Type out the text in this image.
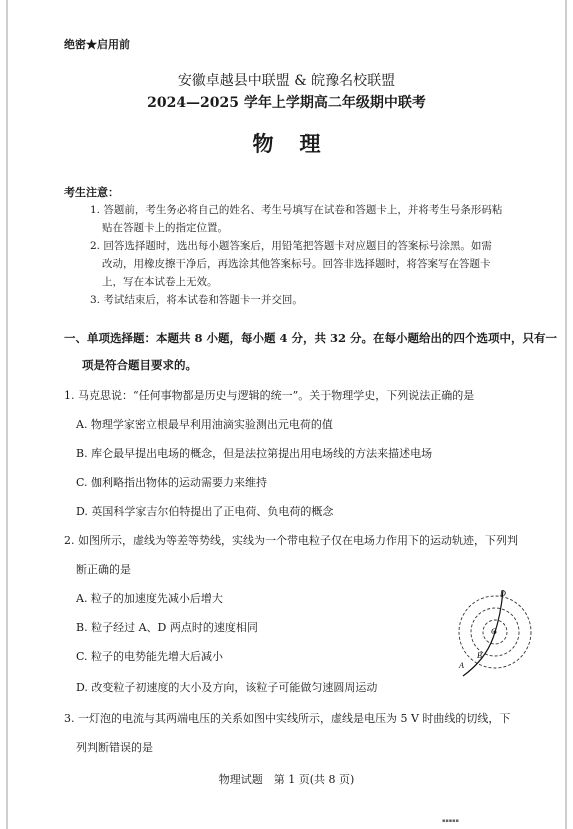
绝密★启用前
安徽卓越县中联盟 & 皖豫名校联盟
2024—2025 学年上学期高二年级期中联考
物理
考生注意：
1. 答题前，考生务必将自己的姓名、考生号填写在试卷和答题卡上，并将考生号条形码粘
贴在答题卡上的指定位置。
2. 回答选择题时，选出每小题答案后，用铅笔把答题卡对应题目的答案标号涂黑。如需
改动，用橡皮擦干净后，再选涂其他答案标号。回答非选择题时，将答案写在答题卡
上，写在本试卷上无效。
3. 考试结束后，将本试卷和答题卡一并交回。
一、单项选择题：本题共 8 小题，每小题 4 分，共 32 分。在每小题给出的四个选项中，只有一
项是符合题目要求的。
1. 马克思说：“任何事物都是历史与逻辑的统一”。关于物理学史，下列说法正确的是
A. 物理学家密立根最早利用油滴实验测出元电荷的值
B. 库仑最早提出电场的概念，但是法拉第提出用电场线的方法来描述电场
C. 伽利略指出物体的运动需要力来维持
D. 英国科学家吉尔伯特提出了正电荷、负电荷的概念
2. 如图所示，虚线为等差等势线，实线为一个带电粒子仅在电场力作用下的运动轨迹，下列判
断正确的是
A. 粒子的加速度先减小后增大
B. 粒子经过 A、D 两点时的速度相同
C. 粒子的电势能先增大后减小
D. 改变粒子初速度的大小及方向，该粒子可能做匀速圆周运动
A
B
C
D
3. 一灯泡的电流与其两端电压的关系如图中实线所示，虚线是电压为 5 V 时曲线的切线，下
列判断错误的是
物理试题　第 1 页(共 8 页)
▪▪▪▪▪
